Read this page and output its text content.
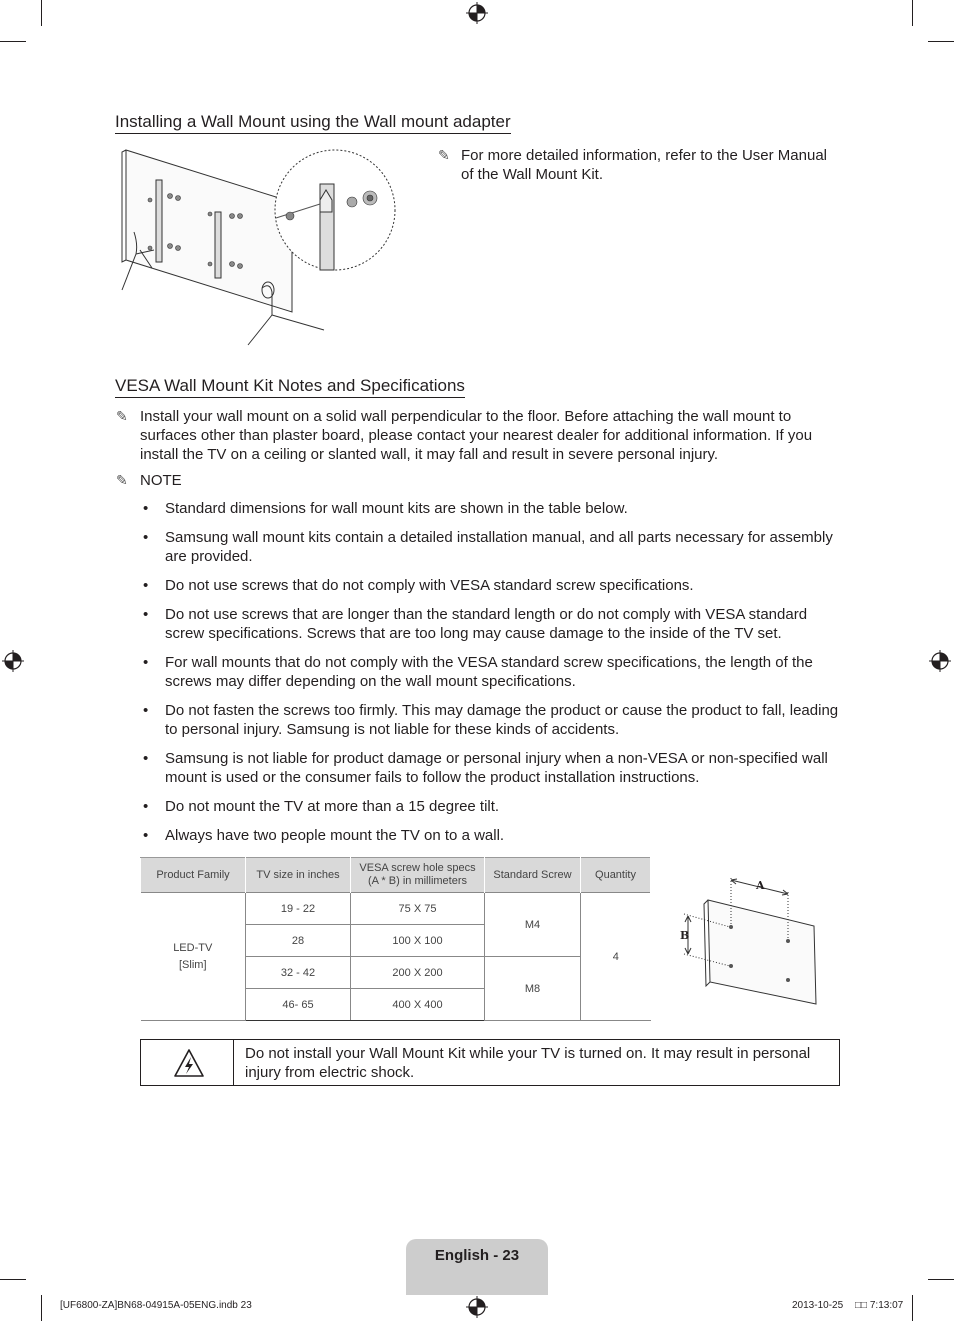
Installing a Wall Mount using the Wall mount adapter
✎ For more detailed information, refer to the User Manual of the Wall Mount Kit.
VESA Wall Mount Kit Notes and Specifications
✎ Install your wall mount on a solid wall perpendicular to the floor. Before attaching the wall mount to surfaces other than plaster board, please contact your nearest dealer for additional information. If you install the TV on a ceiling or slanted wall, it may fall and result in severe personal injury.
✎ NOTE
• Standard dimensions for wall mount kits are shown in the table below.
• Samsung wall mount kits contain a detailed installation manual, and all parts necessary for assembly are provided.
• Do not use screws that do not comply with VESA standard screw specifications.
• Do not use screws that are longer than the standard length or do not comply with VESA standard screw specifications. Screws that are too long may cause damage to the inside of the TV set.
• For wall mounts that do not comply with the VESA standard screw specifications, the length of the screws may differ depending on the wall mount specifications.
• Do not fasten the screws too firmly. This may damage the product or cause the product to fall, leading to personal injury. Samsung is not liable for these kinds of accidents.
• Samsung is not liable for product damage or personal injury when a non-VESA or non-specified wall mount is used or the consumer fails to follow the product installation instructions.
• Do not mount the TV at more than a 15 degree tilt.
• Always have two people mount the TV on to a wall.
Product Family	TV size in inches	VESA screw hole specs (A * B) in millimeters	Standard Screw	Quantity
LED-TV
[Slim]	19 - 22	75 X 75	M4	4
	28	100 X 100		
	32 - 42	200 X 200	M8	
	46- 65	400 X 400		
A
B
Do not install your Wall Mount Kit while your TV is turned on. It may result in personal injury from electric shock.
English - 23
[UF6800-ZA]BN68-04915A-05ENG.indb 23	2013-10-25 □□ 7:13:07
